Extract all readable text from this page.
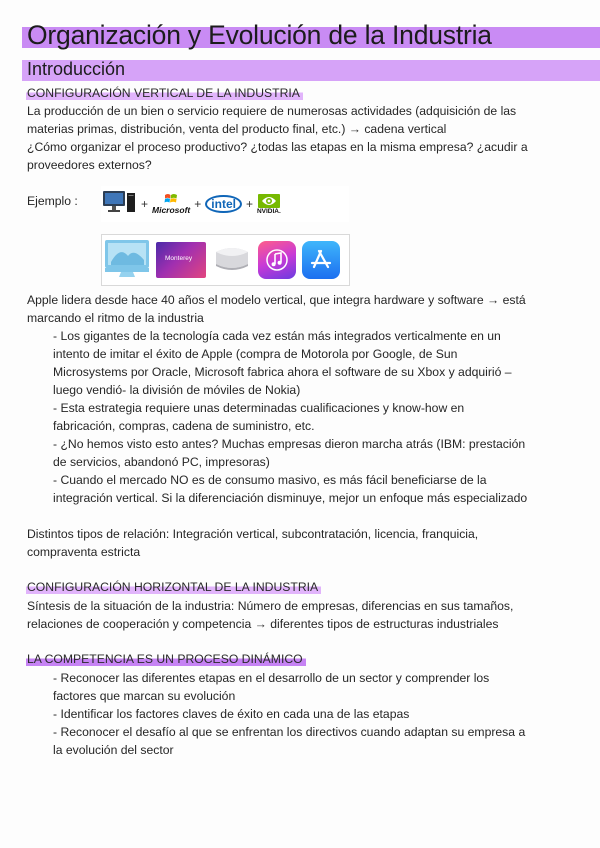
Organización y Evolución de la Industria
Introducción
CONFIGURACIÓN VERTICAL DE LA INDUSTRIA
La producción de un bien o servicio requiere de numerosas actividades (adquisición de las
materias primas, distribución, venta del producto final, etc.) → cadena vertical
¿Cómo organizar el proceso productivo? ¿todas las etapas en la misma empresa? ¿acudir a
proveedores externos?
Ejemplo :	+ Microsoft + intel + NVIDIA.
Monterey
Apple lidera desde hace 40 años el modelo vertical, que integra hardware y software → está
marcando el ritmo de la industria
- Los gigantes de la tecnología cada vez están más integrados verticalmente en un
intento de imitar el éxito de Apple (compra de Motorola por Google, de Sun
Microsystems por Oracle, Microsoft fabrica ahora el software de su Xbox y adquirió –
luego vendió- la división de móviles de Nokia)
- Esta estrategia requiere unas determinadas cualificaciones y know-how en
fabricación, compras, cadena de suministro, etc.
- ¿No hemos visto esto antes? Muchas empresas dieron marcha atrás (IBM: prestación
de servicios, abandonó PC, impresoras)
- Cuando el mercado NO es de consumo masivo, es más fácil beneficiarse de la
integración vertical. Si la diferenciación disminuye, mejor un enfoque más especializado
Distintos tipos de relación: Integración vertical, subcontratación, licencia, franquicia,
compraventa estricta
CONFIGURACIÓN HORIZONTAL DE LA INDUSTRIA
Síntesis de la situación de la industria: Número de empresas, diferencias en sus tamaños,
relaciones de cooperación y competencia → diferentes tipos de estructuras industriales
LA COMPETENCIA ES UN PROCESO DINÁMICO
- Reconocer las diferentes etapas en el desarrollo de un sector y comprender los
factores que marcan su evolución
- Identificar los factores claves de éxito en cada una de las etapas
- Reconocer el desafío al que se enfrentan los directivos cuando adaptan su empresa a
la evolución del sector
